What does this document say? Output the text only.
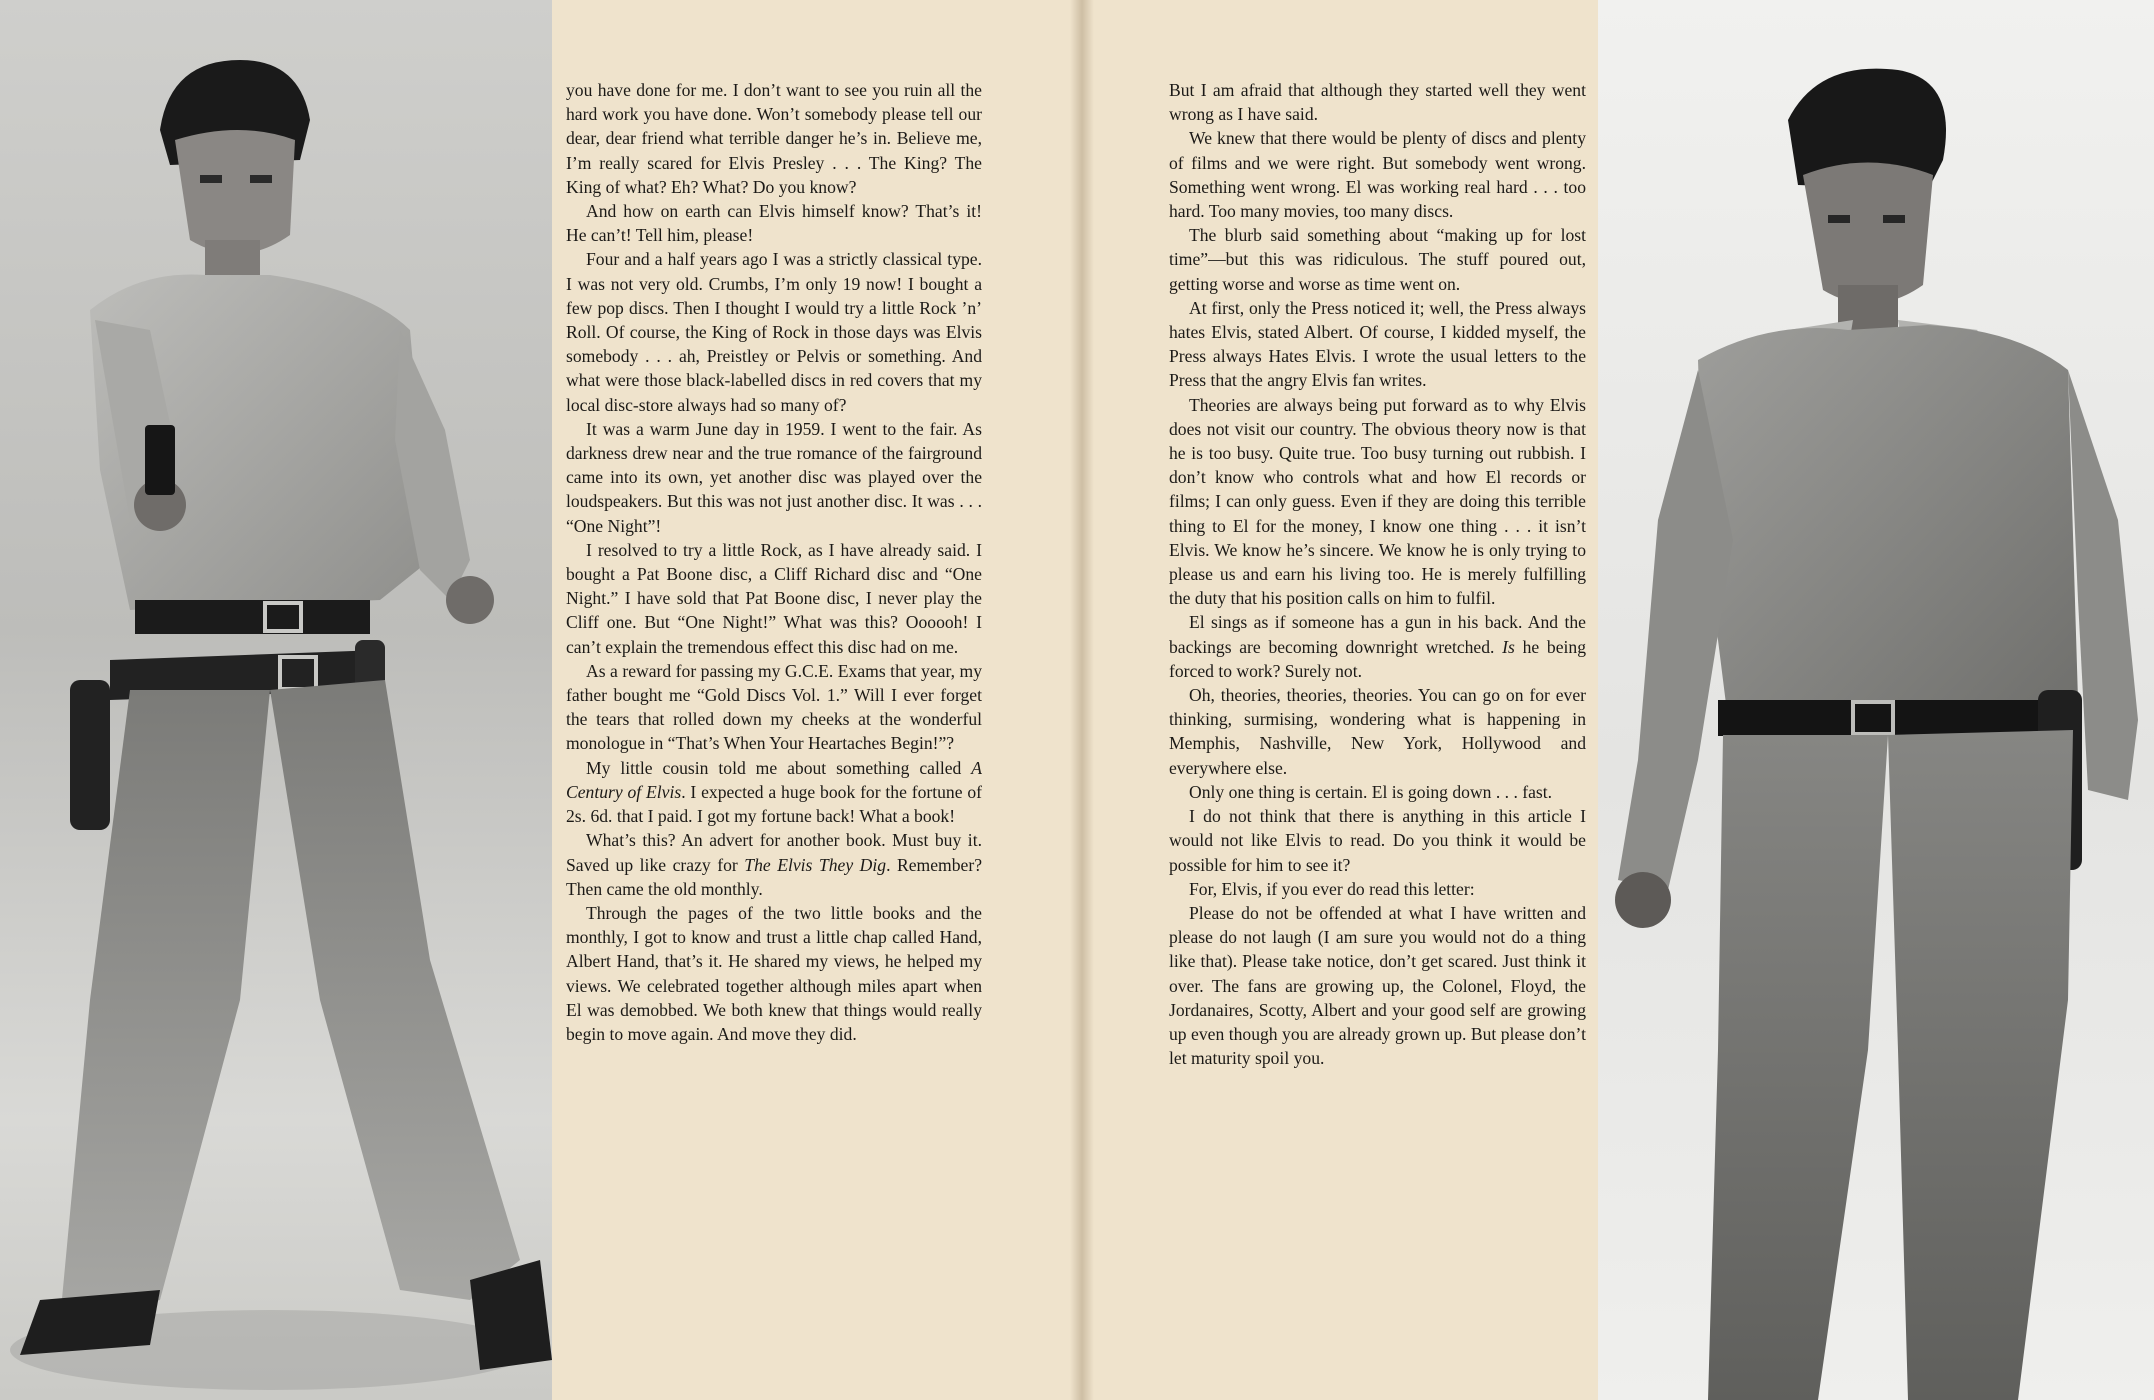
you have done for me. I don’t want to see you ruin all the hard work you have done. Won’t somebody please tell our dear, dear friend what terrible danger he’s in. Believe me, I’m really scared for Elvis Presley . . . The King? The King of what? Eh? What? Do you know?

And how on earth can Elvis himself know? That’s it! He can’t! Tell him, please!

Four and a half years ago I was a strictly classical type. I was not very old. Crumbs, I’m only 19 now! I bought a few pop discs. Then I thought I would try a little Rock ’n’ Roll. Of course, the King of Rock in those days was Elvis somebody . . . ah, Preistley or Pelvis or something. And what were those black-labelled discs in red covers that my local disc-store always had so many of?

It was a warm June day in 1959. I went to the fair. As darkness drew near and the true romance of the fairground came into its own, yet another disc was played over the loudspeakers. But this was not just another disc. It was . . . “One Night”!

I resolved to try a little Rock, as I have already said. I bought a Pat Boone disc, a Cliff Richard disc and “One Night.” I have sold that Pat Boone disc, I never play the Cliff one. But “One Night!” What was this? Oooooh! I can’t explain the tremendous effect this disc had on me.

As a reward for passing my G.C.E. Exams that year, my father bought me “Gold Discs Vol. 1.” Will I ever forget the tears that rolled down my cheeks at the wonderful monologue in “That’s When Your Heartaches Begin!”?

My little cousin told me about something called A Century of Elvis. I expected a huge book for the fortune of 2s. 6d. that I paid. I got my fortune back! What a book!

What’s this? An advert for another book. Must buy it. Saved up like crazy for The Elvis They Dig. Remember? Then came the old monthly.

Through the pages of the two little books and the monthly, I got to know and trust a little chap called Hand, Albert Hand, that’s it. He shared my views, he helped my views. We celebrated together although miles apart when El was demobbed. We both knew that things would really begin to move again. And move they did.

But I am afraid that although they started well they went wrong as I have said.

We knew that there would be plenty of discs and plenty of films and we were right. But somebody went wrong. Something went wrong. El was working real hard . . . too hard. Too many movies, too many discs.

The blurb said something about “making up for lost time”—but this was ridiculous. The stuff poured out, getting worse and worse as time went on.

At first, only the Press noticed it; well, the Press always hates Elvis, stated Albert. Of course, I kidded myself, the Press always Hates Elvis. I wrote the usual letters to the Press that the angry Elvis fan writes.

Theories are always being put forward as to why Elvis does not visit our country. The obvious theory now is that he is too busy. Quite true. Too busy turning out rubbish. I don’t know who controls what and how El records or films; I can only guess. Even if they are doing this terrible thing to El for the money, I know one thing . . . it isn’t Elvis. We know he’s sincere. We know he is only trying to please us and earn his living too. He is merely fulfilling the duty that his position calls on him to fulfil.

El sings as if someone has a gun in his back. And the backings are becoming downright wretched. Is he being forced to work? Surely not.

Oh, theories, theories, theories. You can go on for ever thinking, surmising, wondering what is happening in Memphis, Nashville, New York, Hollywood and everywhere else.

Only one thing is certain. El is going down . . . fast.

I do not think that there is anything in this article I would not like Elvis to read. Do you think it would be possible for him to see it?

For, Elvis, if you ever do read this letter:

Please do not be offended at what I have written and please do not laugh (I am sure you would not do a thing like that). Please take notice, don’t get scared. Just think it over. The fans are growing up, the Colonel, Floyd, the Jordanaires, Scotty, Albert and your good self are growing up even though you are already grown up. But please don’t let maturity spoil you.
